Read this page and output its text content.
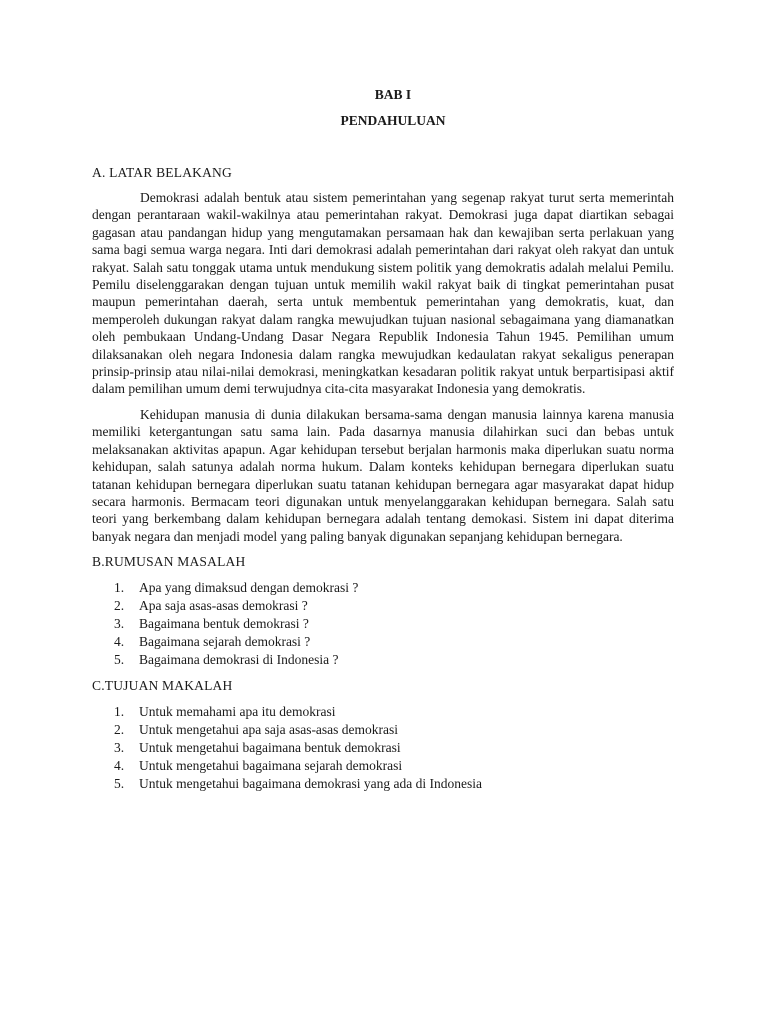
BAB I

PENDAHULUAN

A. LATAR BELAKANG

Demokrasi adalah bentuk atau sistem pemerintahan yang segenap rakyat turut serta memerintah dengan perantaraan wakil-wakilnya atau pemerintahan rakyat. Demokrasi juga dapat diartikan sebagai gagasan atau pandangan hidup yang mengutamakan persamaan hak dan kewajiban serta perlakuan yang sama bagi semua warga negara. Inti dari demokrasi adalah pemerintahan dari rakyat oleh rakyat dan untuk rakyat. Salah satu tonggak utama untuk mendukung sistem politik yang demokratis adalah melalui Pemilu. Pemilu diselenggarakan dengan tujuan untuk memilih wakil rakyat baik di tingkat pemerintahan pusat maupun pemerintahan daerah, serta untuk membentuk pemerintahan yang demokratis, kuat, dan memperoleh dukungan rakyat dalam rangka mewujudkan tujuan nasional sebagaimana yang diamanatkan oleh pembukaan Undang-Undang Dasar Negara Republik Indonesia Tahun 1945. Pemilihan umum dilaksanakan oleh negara Indonesia dalam rangka mewujudkan kedaulatan rakyat sekaligus penerapan prinsip-prinsip atau nilai-nilai demokrasi, meningkatkan kesadaran politik rakyat untuk berpartisipasi aktif dalam pemilihan umum demi terwujudnya cita-cita masyarakat Indonesia yang demokratis.

Kehidupan manusia di dunia dilakukan bersama-sama dengan manusia lainnya karena manusia memiliki ketergantungan satu sama lain. Pada dasarnya manusia dilahirkan suci dan bebas untuk melaksanakan aktivitas apapun. Agar kehidupan tersebut berjalan harmonis maka diperlukan suatu norma kehidupan, salah satunya adalah norma hukum. Dalam konteks kehidupan bernegara diperlukan suatu tatanan kehidupan bernegara diperlukan suatu tatanan kehidupan bernegara agar masyarakat dapat hidup secara harmonis. Bermacam teori digunakan untuk menyelanggarakan kehidupan bernegara. Salah satu teori yang berkembang dalam kehidupan bernegara adalah tentang demokasi. Sistem ini dapat diterima banyak negara dan menjadi model yang paling banyak digunakan sepanjang kehidupan bernegara.

B.RUMUSAN MASALAH

1.	Apa yang dimaksud dengan demokrasi ?
2.	Apa saja asas-asas demokrasi ?
3.	Bagaimana bentuk demokrasi ?
4.	Bagaimana sejarah demokrasi ?
5.	Bagaimana demokrasi di Indonesia ?

C.TUJUAN MAKALAH

1.	Untuk memahami apa itu demokrasi
2.	Untuk mengetahui apa saja asas-asas demokrasi
3.	Untuk mengetahui bagaimana bentuk demokrasi
4.	Untuk mengetahui bagaimana sejarah demokrasi
5.	Untuk mengetahui bagaimana demokrasi yang ada di Indonesia
